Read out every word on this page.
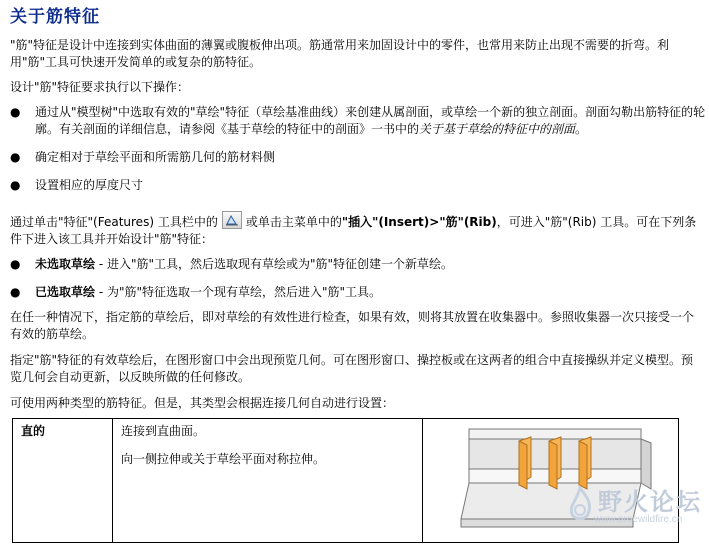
关于筋特征

"筋"特征是设计中连接到实体曲面的薄翼或腹板伸出项。筋通常用来加固设计中的零件，也常用来防止出现不需要的折弯。利用"筋"工具可快速开发简单的或复杂的筋特征。

设计"筋"特征要求执行以下操作：

● 通过从"模型树"中选取有效的"草绘"特征（草绘基准曲线）来创建从属剖面，或草绘一个新的独立剖面。剖面勾勒出筋特征的轮廓。有关剖面的详细信息，请参阅《基于草绘的特征中的剖面》一书中的关于基于草绘的特征中的剖面。
● 确定相对于草绘平面和所需筋几何的筋材料侧
● 设置相应的厚度尺寸

通过单击"特征"(Features) 工具栏中的 或单击主菜单中的"插入"(Insert)>"筋"(Rib)，可进入"筋"(Rib) 工具。可在下列条件下进入该工具并开始设计"筋"特征：

● 未选取草绘 - 进入"筋"工具，然后选取现有草绘或为"筋"特征创建一个新草绘。
● 已选取草绘 - 为"筋"特征选取一个现有草绘，然后进入"筋"工具。

在任一种情况下，指定筋的草绘后，即对草绘的有效性进行检查，如果有效，则将其放置在收集器中。参照收集器一次只接受一个有效的筋草绘。

指定"筋"特征的有效草绘后，在图形窗口中会出现预览几何。可在图形窗口、操控板或在这两者的组合中直接操纵并定义模型。预览几何会自动更新，以反映所做的任何修改。

可使用两种类型的筋特征。但是，其类型会根据连接几何自动进行设置：

直的	连接到直曲面。
向一侧拉伸或关于草绘平面对称拉伸。

野火论坛
www.proewildfire.cn
